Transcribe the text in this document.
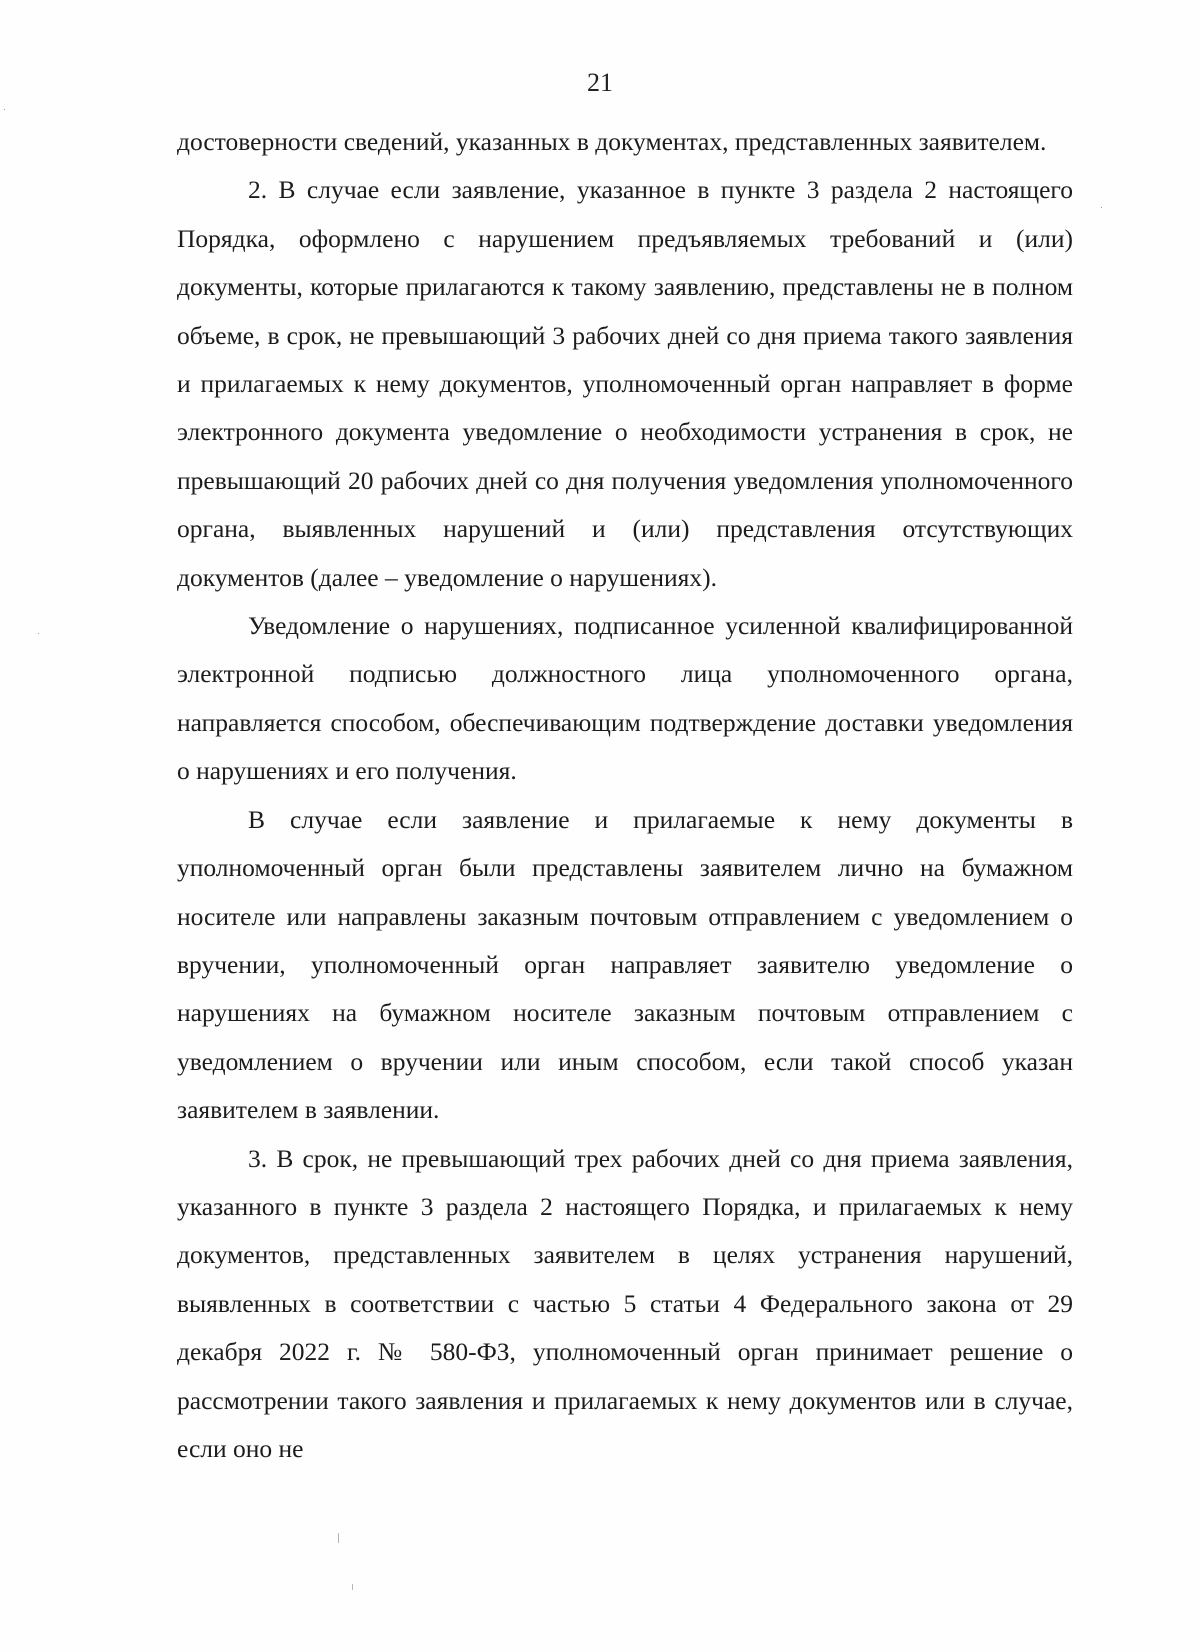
21

достоверности сведений, указанных в документах, представленных заявителем.

2. В случае если заявление, указанное в пункте 3 раздела 2 настоящего Порядка, оформлено с нарушением предъявляемых требований и (или) документы, которые прилагаются к такому заявлению, представлены не в полном объеме, в срок, не превышающий 3 рабочих дней со дня приема такого заявления и прилагаемых к нему документов, уполномоченный орган направляет в форме электронного документа уведомление о необходимости устранения в срок, не превышающий 20 рабочих дней со дня получения уведомления уполномоченного органа, выявленных нарушений и (или) представления отсутствующих документов (далее – уведомление о нарушениях).

Уведомление о нарушениях, подписанное усиленной квалифицированной электронной подписью должностного лица уполномоченного органа, направляется способом, обеспечивающим подтверждение доставки уведомления о нарушениях и его получения.

В случае если заявление и прилагаемые к нему документы в уполномоченный орган были представлены заявителем лично на бумажном носителе или направлены заказным почтовым отправлением с уведомлением о вручении, уполномоченный орган направляет заявителю уведомление о нарушениях на бумажном носителе заказным почтовым отправлением с уведомлением о вручении или иным способом, если такой способ указан заявителем в заявлении.

3. В срок, не превышающий трех рабочих дней со дня приема заявления, указанного в пункте 3 раздела 2 настоящего Порядка, и прилагаемых к нему документов, представленных заявителем в целях устранения нарушений, выявленных в соответствии с частью 5 статьи 4 Федерального закона от 29 декабря 2022 г. № 580-ФЗ, уполномоченный орган принимает решение о рассмотрении такого заявления и прилагаемых к нему документов или в случае, если оно не
